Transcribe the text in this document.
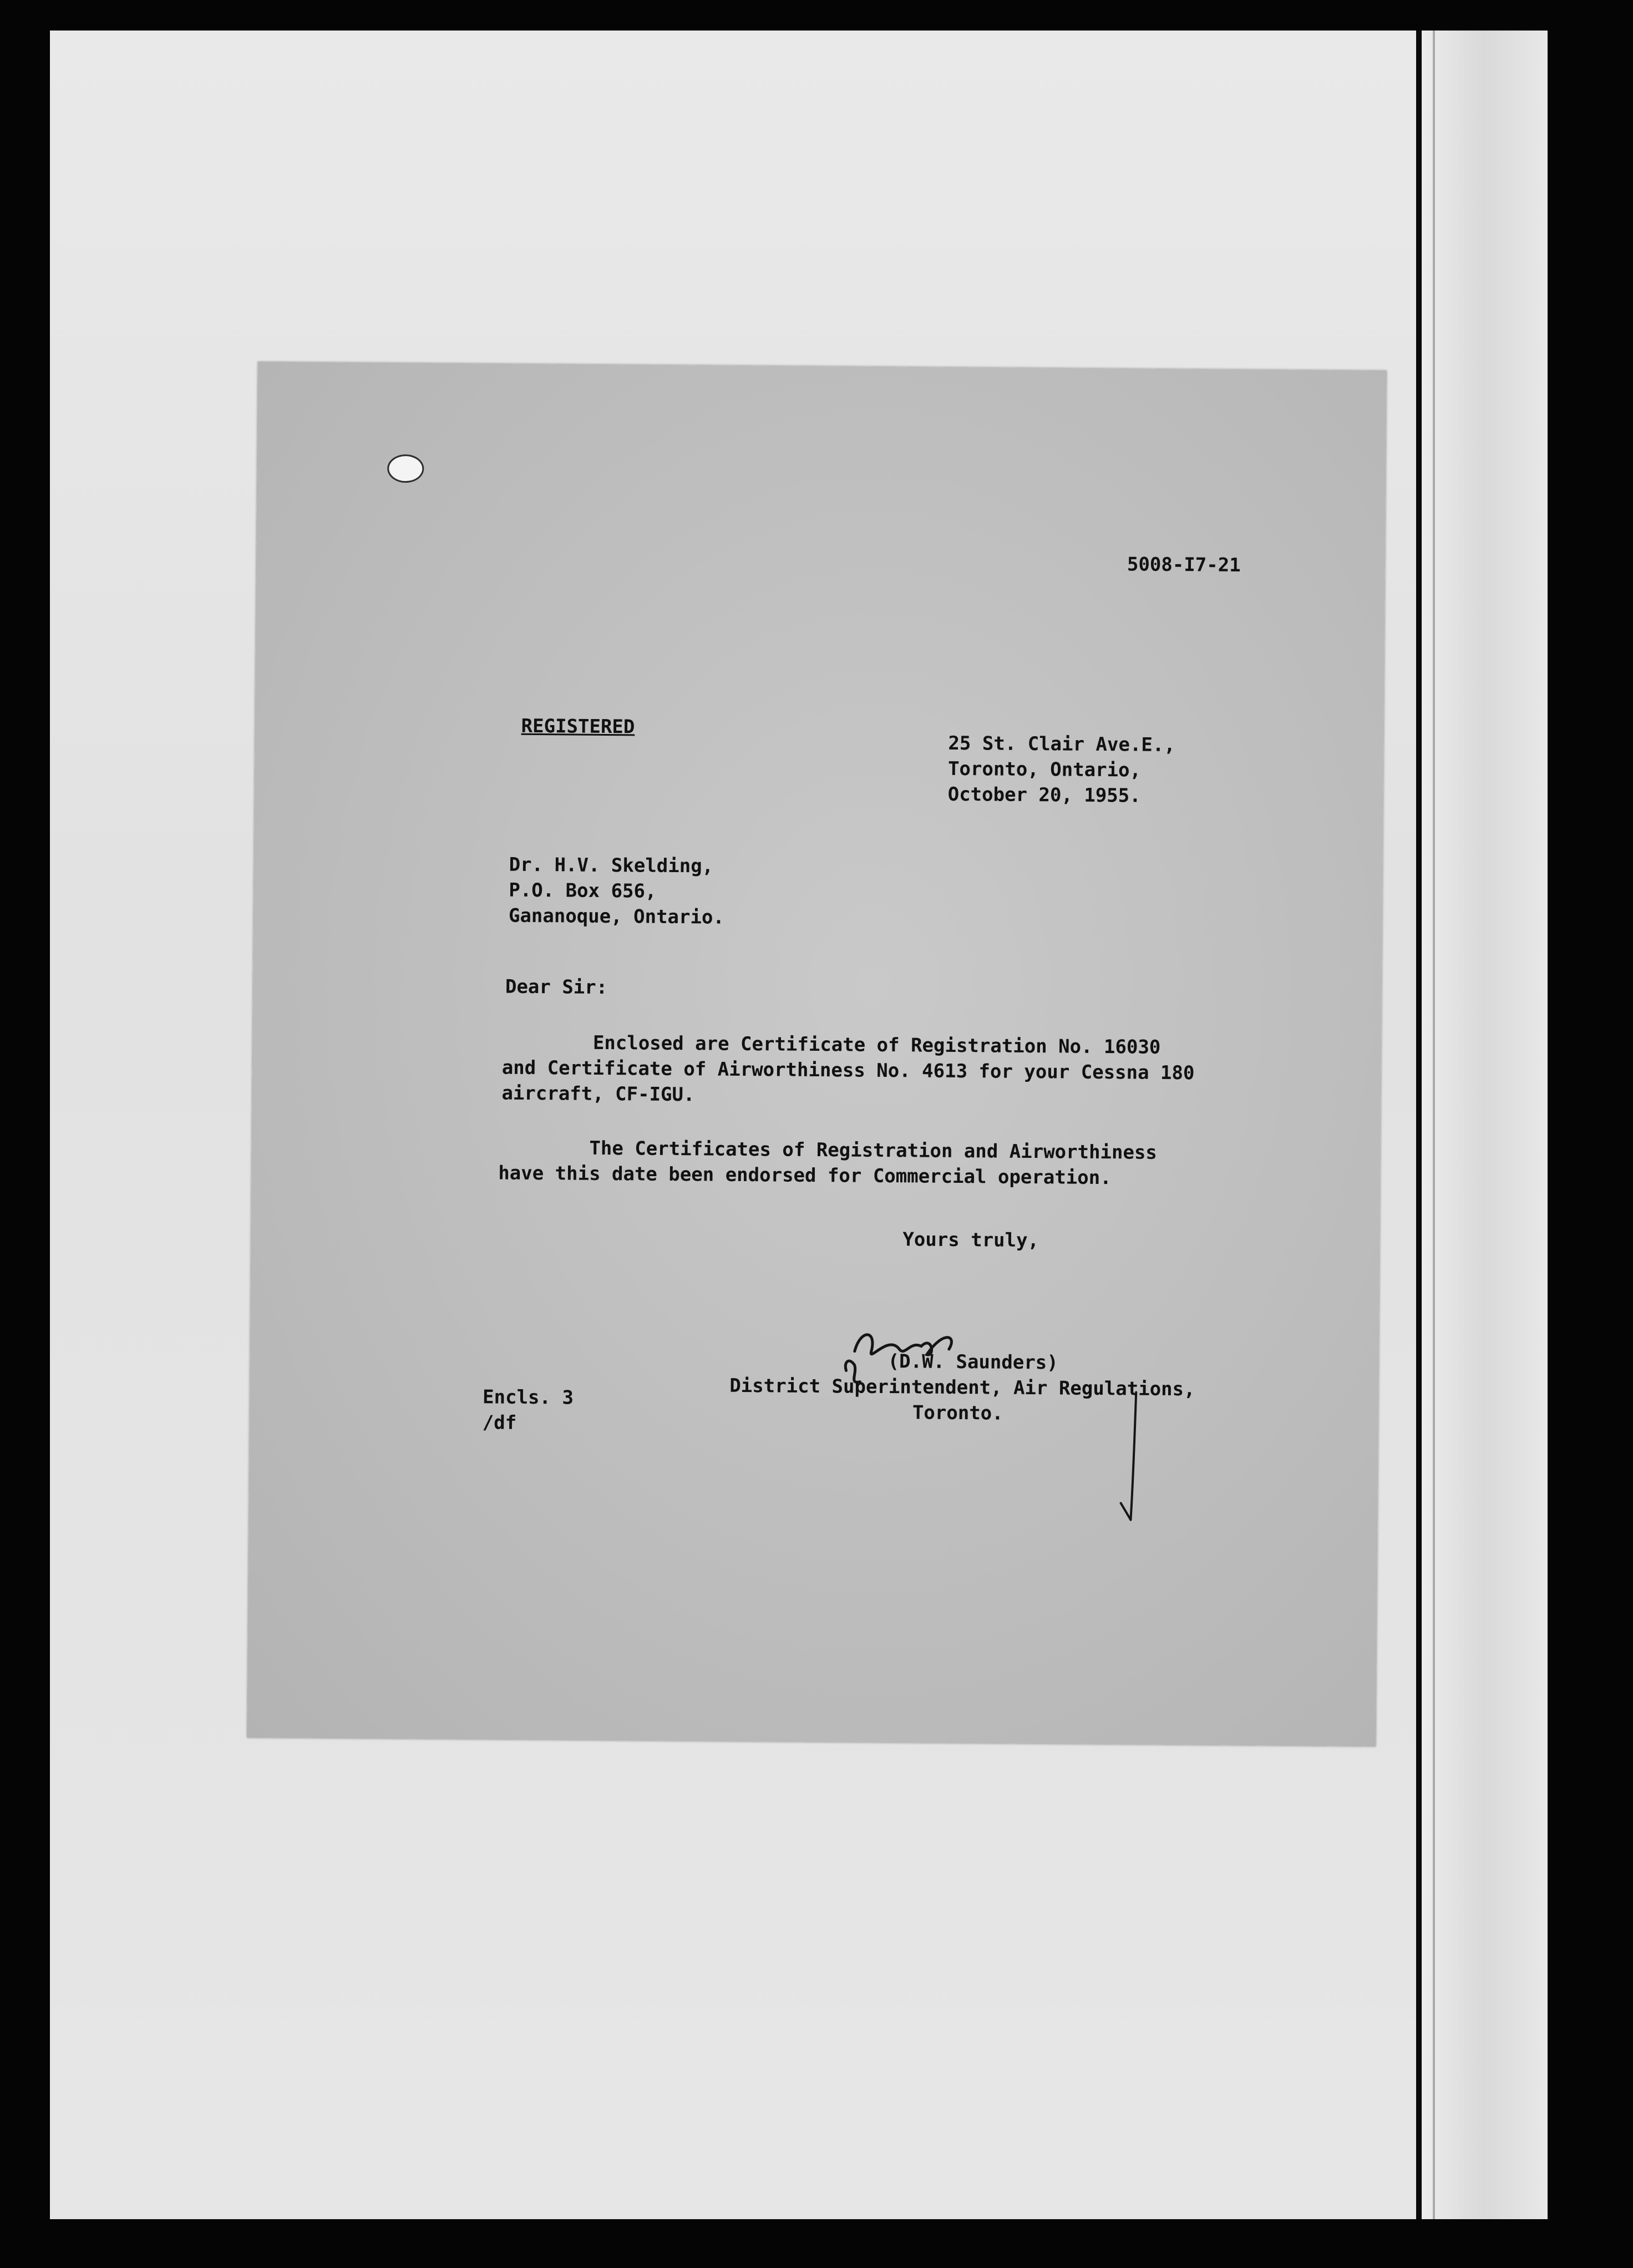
5008-I7-21
REGISTERED
25 St. Clair Ave.E.,
Toronto, Ontario,
October 20, 1955.
Dr. H.V. Skelding,
P.O. Box 656,
Gananoque, Ontario.
Dear Sir:
Enclosed are Certificate of Registration No. 16030
and Certificate of Airworthiness No. 4613 for your Cessna 180
aircraft, CF-IGU.
The Certificates of Registration and Airworthiness
have this date been endorsed for Commercial operation.
Yours truly,
(D.W. Saunders)
District Superintendent, Air Regulations,
Toronto.
Encls. 3
/df
